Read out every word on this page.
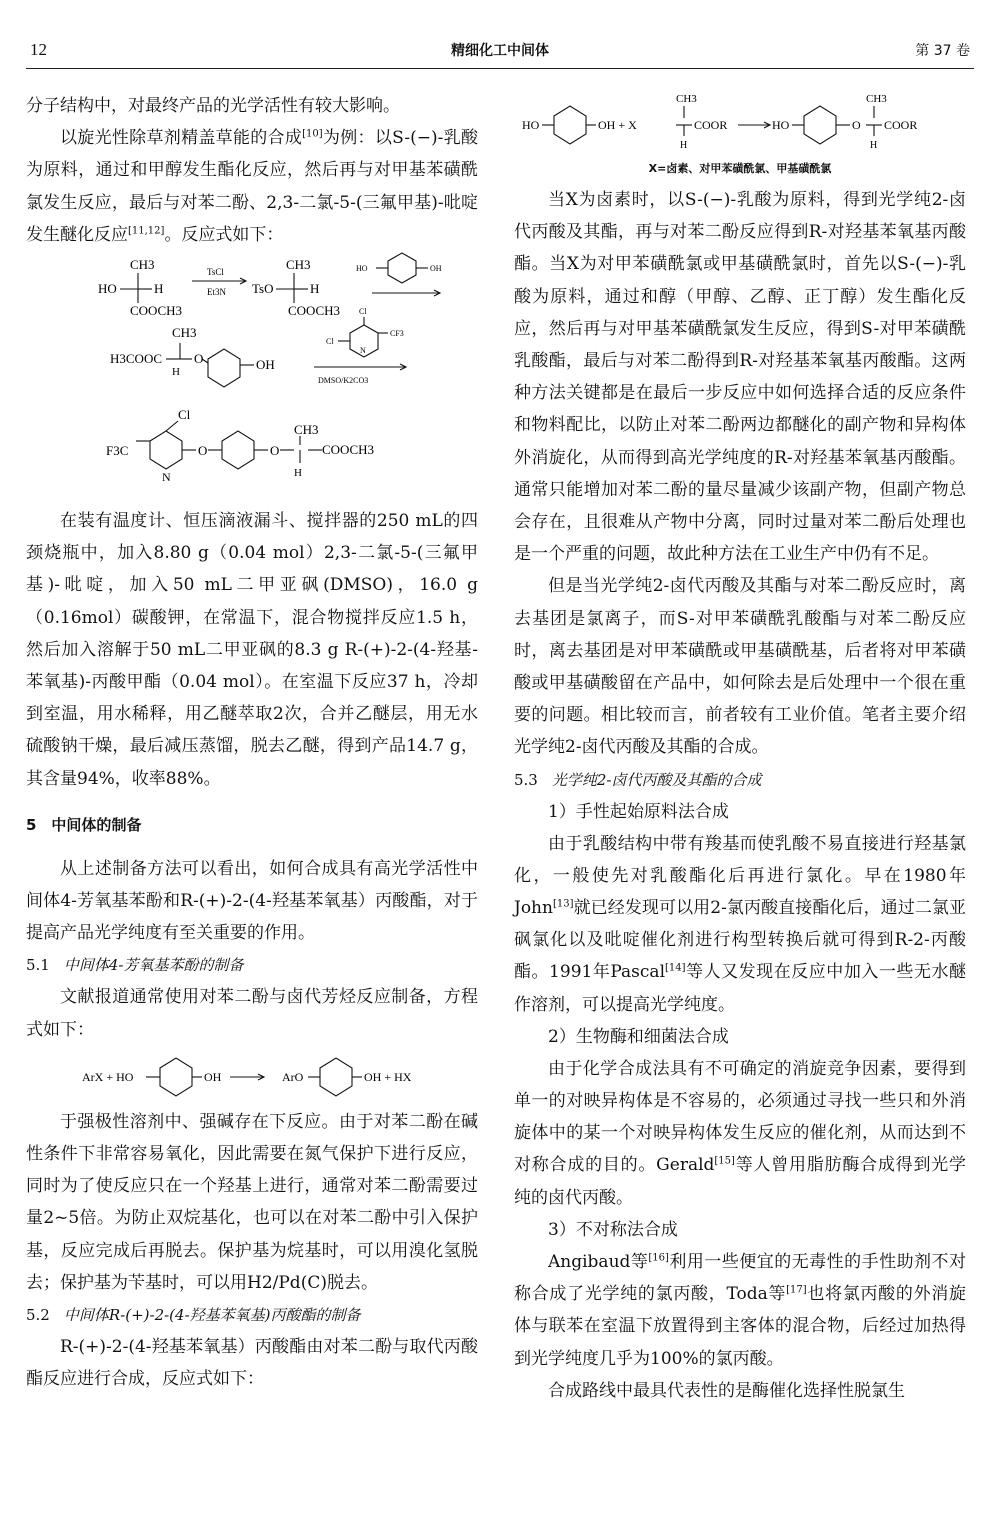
12	精细化工中间体	第 37 卷

分子结构中，对最终产品的光学活性有较大影响。

以旋光性除草剂精盖草能的合成[10]为例：以S-(−)-乳酸为原料，通过和甲醇发生酯化反应，然后再与对甲基苯磺酰氯发生反应，最后与对苯二酚、2,3-二氯-5-(三氟甲基)-吡啶发生醚化反应[11,12]。反应式如下：

CH3
HO	H
COOCH3
TsCl
Et3N
CH3
TsO	H
COOCH3
HO	OH
CH3
H3COOC
H
O	OH
Cl
Cl
CF3
N
DMSO/K2CO3
F3C
Cl
N
O	O
CH3
H
COOCH3

在装有温度计、恒压滴液漏斗、搅拌器的250 mL的四颈烧瓶中，加入8.80 g（0.04 mol）2,3-二氯-5-(三氟甲基)-吡啶，加入50 mL二甲亚砜(DMSO)，16.0 g（0.16mol）碳酸钾，在常温下，混合物搅拌反应1.5 h，然后加入溶解于50 mL二甲亚砜的8.3 g R-(+)-2-(4-羟基-苯氧基)-丙酸甲酯（0.04 mol）。在室温下反应37 h，冷却到室温，用水稀释，用乙醚萃取2次，合并乙醚层，用无水硫酸钠干燥，最后减压蒸馏，脱去乙醚，得到产品14.7 g，其含量94%，收率88%。

5　中间体的制备

从上述制备方法可以看出，如何合成具有高光学活性中间体4-芳氧基苯酚和R-(+)-2-(4-羟基苯氧基）丙酸酯，对于提高产品光学纯度有至关重要的作用。

5.1 中间体4-芳氧基苯酚的制备

文献报道通常使用对苯二酚与卤代芳烃反应制备，方程式如下：

ArX + HO	OH	ArO	OH + HX

于强极性溶剂中、强碱存在下反应。由于对苯二酚在碱性条件下非常容易氧化，因此需要在氮气保护下进行反应，同时为了使反应只在一个羟基上进行，通常对苯二酚需要过量2~5倍。为防止双烷基化，也可以在对苯二酚中引入保护基，反应完成后再脱去。保护基为烷基时，可以用溴化氢脱去；保护基为苄基时，可以用H2/Pd(C)脱去。

5.2 中间体R-(+)-2-(4-羟基苯氧基)丙酸酯的制备

R-(+)-2-(4-羟基苯氧基）丙酸酯由对苯二酚与取代丙酸酯反应进行合成，反应式如下：

HO	OH + X
CH3
H
COOR	HO	O
CH3
H
COOR
X=卤素、对甲苯磺酰氯、甲基磺酰氯

当X为卤素时，以S-(−)-乳酸为原料，得到光学纯2-卤代丙酸及其酯，再与对苯二酚反应得到R-对羟基苯氧基丙酸酯。当X为对甲苯磺酰氯或甲基磺酰氯时，首先以S-(−)-乳酸为原料，通过和醇（甲醇、乙醇、正丁醇）发生酯化反应，然后再与对甲基苯磺酰氯发生反应，得到S-对甲苯磺酰乳酸酯，最后与对苯二酚得到R-对羟基苯氧基丙酸酯。这两种方法关键都是在最后一步反应中如何选择合适的反应条件和物料配比，以防止对苯二酚两边都醚化的副产物和异构体外消旋化，从而得到高光学纯度的R-对羟基苯氧基丙酸酯。通常只能增加对苯二酚的量尽量减少该副产物，但副产物总会存在，且很难从产物中分离，同时过量对苯二酚后处理也是一个严重的问题，故此种方法在工业生产中仍有不足。

但是当光学纯2-卤代丙酸及其酯与对苯二酚反应时，离去基团是氯离子，而S-对甲苯磺酰乳酸酯与对苯二酚反应时，离去基团是对甲苯磺酰或甲基磺酰基，后者将对甲苯磺酸或甲基磺酸留在产品中，如何除去是后处理中一个很在重要的问题。相比较而言，前者较有工业价值。笔者主要介绍光学纯2-卤代丙酸及其酯的合成。

5.3 光学纯2-卤代丙酸及其酯的合成
1）手性起始原料法合成

由于乳酸结构中带有羧基而使乳酸不易直接进行羟基氯化，一般使先对乳酸酯化后再进行氯化。早在1980年John[13]就已经发现可以用2-氯丙酸直接酯化后，通过二氯亚砜氯化以及吡啶催化剂进行构型转换后就可得到R-2-丙酸酯。1991年Pascal[14]等人又发现在反应中加入一些无水醚作溶剂，可以提高光学纯度。

2）生物酶和细菌法合成

由于化学合成法具有不可确定的消旋竞争因素，要得到单一的对映异构体是不容易的，必须通过寻找一些只和外消旋体中的某一个对映异构体发生反应的催化剂，从而达到不对称合成的目的。Gerald[15]等人曾用脂肪酶合成得到光学纯的卤代丙酸。

3）不对称法合成

Angibaud等[16]利用一些便宜的无毒性的手性助剂不对称合成了光学纯的氯丙酸，Toda等[17]也将氯丙酸的外消旋体与联苯在室温下放置得到主客体的混合物，后经过加热得到光学纯度几乎为100%的氯丙酸。

合成路线中最具代表性的是酶催化选择性脱氯生
